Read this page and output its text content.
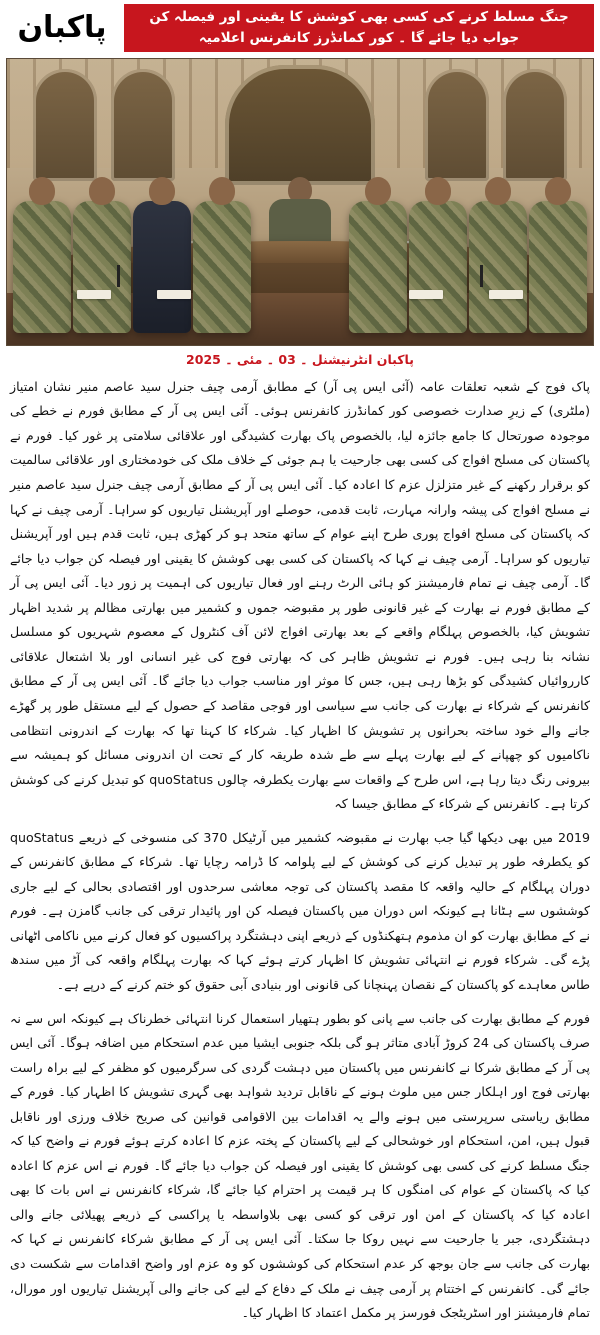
پاکبان	جنگ مسلط کرنے کی کسی بھی کوشش کا یقینی اور فیصلہ کن جواب دیا جائے گا ۔ کور کمانڈرز کانفرنس اعلامیہ
پاکبان انٹرنیشنل ۔ 03 ۔ مئی ۔ 2025

پاک فوج کے شعبہ تعلقات عامہ (آئی ایس پی آر) کے مطابق آرمی چیف جنرل سید عاصم منیر نشان امتیاز (ملٹری) کے زیرِ صدارت خصوصی کور کمانڈرز کانفرنس ہوئی۔ آئی ایس پی آر کے مطابق فورم نے خطے کی موجودہ صورتحال کا جامع جائزہ لیا، بالخصوص پاک بھارت کشیدگی اور علاقائی سلامتی پر غور کیا۔ فورم نے پاکستان کی مسلح افواج کی کسی بھی جارحیت یا ہم جوئی کے خلاف ملک کی خودمختاری اور علاقائی سالمیت کو برقرار رکھنے کے غیر متزلزل عزم کا اعادہ کیا۔ آئی ایس پی آر کے مطابق آرمی چیف جنرل سید عاصم منیر نے مسلح افواج کی پیشہ وارانہ مہارت، ثابت قدمی، حوصلے اور آپریشنل تیاریوں کو سراہا۔ آرمی چیف نے کہا کہ پاکستان کی مسلح افواج پوری طرح اپنے عوام کے ساتھ متحد ہو کر کھڑی ہیں، ثابت قدم ہیں اور آپریشنل تیاریوں کو سراہا۔ آرمی چیف نے کہا کہ پاکستان کی کسی بھی کوشش کا یقینی اور فیصلہ کن جواب دیا جائے گا۔ آرمی چیف نے تمام فارمیشنز کو ہائی الرٹ رہنے اور فعال تیاریوں کی اہمیت پر زور دیا۔ آئی ایس پی آر کے مطابق فورم نے بھارت کے غیر قانونی طور پر مقبوضہ جموں و کشمیر میں بھارتی مظالم پر شدید اظہار تشویش کیا، بالخصوص پہلگام واقعے کے بعد بھارتی افواج لائن آف کنٹرول کے معصوم شہریوں کو مسلسل نشانہ بنا رہی ہیں۔ فورم نے تشویش ظاہر کی کہ بھارتی فوج کی غیر انسانی اور بلا اشتعال علاقائی کارروائیاں کشیدگی کو بڑھا رہی ہیں، جس کا موثر اور مناسب جواب دیا جائے گا۔ آئی ایس پی آر کے مطابق کانفرنس کے شرکاء نے بھارت کی جانب سے سیاسی اور فوجی مقاصد کے حصول کے لیے مستقل طور پر گھڑے جانے والے خود ساختہ بحرانوں پر تشویش کا اظہار کیا۔ شرکاء کا کہنا تھا کہ بھارت کے اندرونی انتظامی ناکامیوں کو چھپانے کے لیے بھارت پہلے سے طے شدہ طریقہ کار کے تحت ان اندرونی مسائل کو ہمیشہ سے بیرونی رنگ دیتا رہا ہے، اس طرح کے واقعات سے بھارت یکطرفہ چالوں quoStatus کو تبدیل کرنے کی کوشش کرتا ہے۔ کانفرنس کے شرکاء کے مطابق جیسا کہ

2019 میں بھی دیکھا گیا جب بھارت نے مقبوضہ کشمیر میں آرٹیکل 370 کی منسوخی کے ذریعے quoStatus کو یکطرفہ طور پر تبدیل کرنے کی کوشش کے لیے پلوامہ کا ڈرامہ رچایا تھا۔ شرکاء کے مطابق کانفرنس کے دوران پہلگام کے حالیہ واقعہ کا مقصد پاکستان کی توجہ معاشی سرحدوں اور اقتصادی بحالی کے لیے جاری کوششوں سے ہٹانا ہے کیونکہ اس دوران میں پاکستان فیصلہ کن اور پائیدار ترقی کی جانب گامزن ہے۔ فورم نے کے مطابق بھارت کو ان مذموم ہتھکنڈوں کے ذریعے اپنی دہشتگرد پراکسیوں کو فعال کرنے میں ناکامی اٹھانی پڑے گی۔ شرکاء فورم نے انتہائی تشویش کا اظہار کرتے ہوئے کہا کہ بھارت پہلگام واقعہ کی آڑ میں سندھ طاس معاہدے کو پاکستان کے نقصان پہنچانا کی قانونی اور بنیادی آبی حقوق کو ختم کرنے کے درپے ہے۔

فورم کے مطابق بھارت کی جانب سے پانی کو بطور ہتھیار استعمال کرنا انتہائی خطرناک ہے کیونکہ اس سے نہ صرف پاکستان کی 24 کروڑ آبادی متاثر ہو گی بلکہ جنوبی ایشیا میں عدم استحکام میں اضافہ ہوگا۔ آئی ایس پی آر کے مطابق شرکا نے کانفرنس میں پاکستان میں دہشت گردی کی سرگرمیوں کو مظفر کے لیے براہ راست بھارتی فوج اور اہلکار جس میں ملوث ہونے کے ناقابل تردید شواہد بھی گہری تشویش کا اظہار کیا۔ فورم کے مطابق ریاستی سرپرستی میں ہونے والے یہ اقدامات بین الاقوامی قوانین کی صریح خلاف ورزی اور ناقابل قبول ہیں، امن، استحکام اور خوشحالی کے لیے پاکستان کے پختہ عزم کا اعادہ کرتے ہوئے فورم نے واضح کیا کہ جنگ مسلط کرنے کی کسی بھی کوشش کا یقینی اور فیصلہ کن جواب دیا جائے گا۔ فورم نے اس عزم کا اعادہ کیا کہ پاکستان کے عوام کی امنگوں کا ہر قیمت پر احترام کیا جائے گا، شرکاء کانفرنس نے اس بات کا بھی اعادہ کیا کہ پاکستان کے امن اور ترقی کو کسی بھی بلاواسطہ یا پراکسی کے ذریعے پھیلائی جانے والی دہشتگردی، جبر یا جارحیت سے نہیں روکا جا سکتا۔ آئی ایس پی آر کے مطابق شرکاء کانفرنس نے کہا کہ بھارت کی جانب سے جان بوجھ کر عدم استحکام کی کوششوں کو وہ عزم اور واضح اقدامات سے شکست دی جائے گی۔ کانفرنس کے اختتام پر آرمی چیف نے ملک کے دفاع کے لیے کی جانے والی آپریشنل تیاریوں اور مورال، تمام فارمیشنز اور اسٹریٹجک فورسز پر مکمل اعتماد کا اظہار کیا۔
